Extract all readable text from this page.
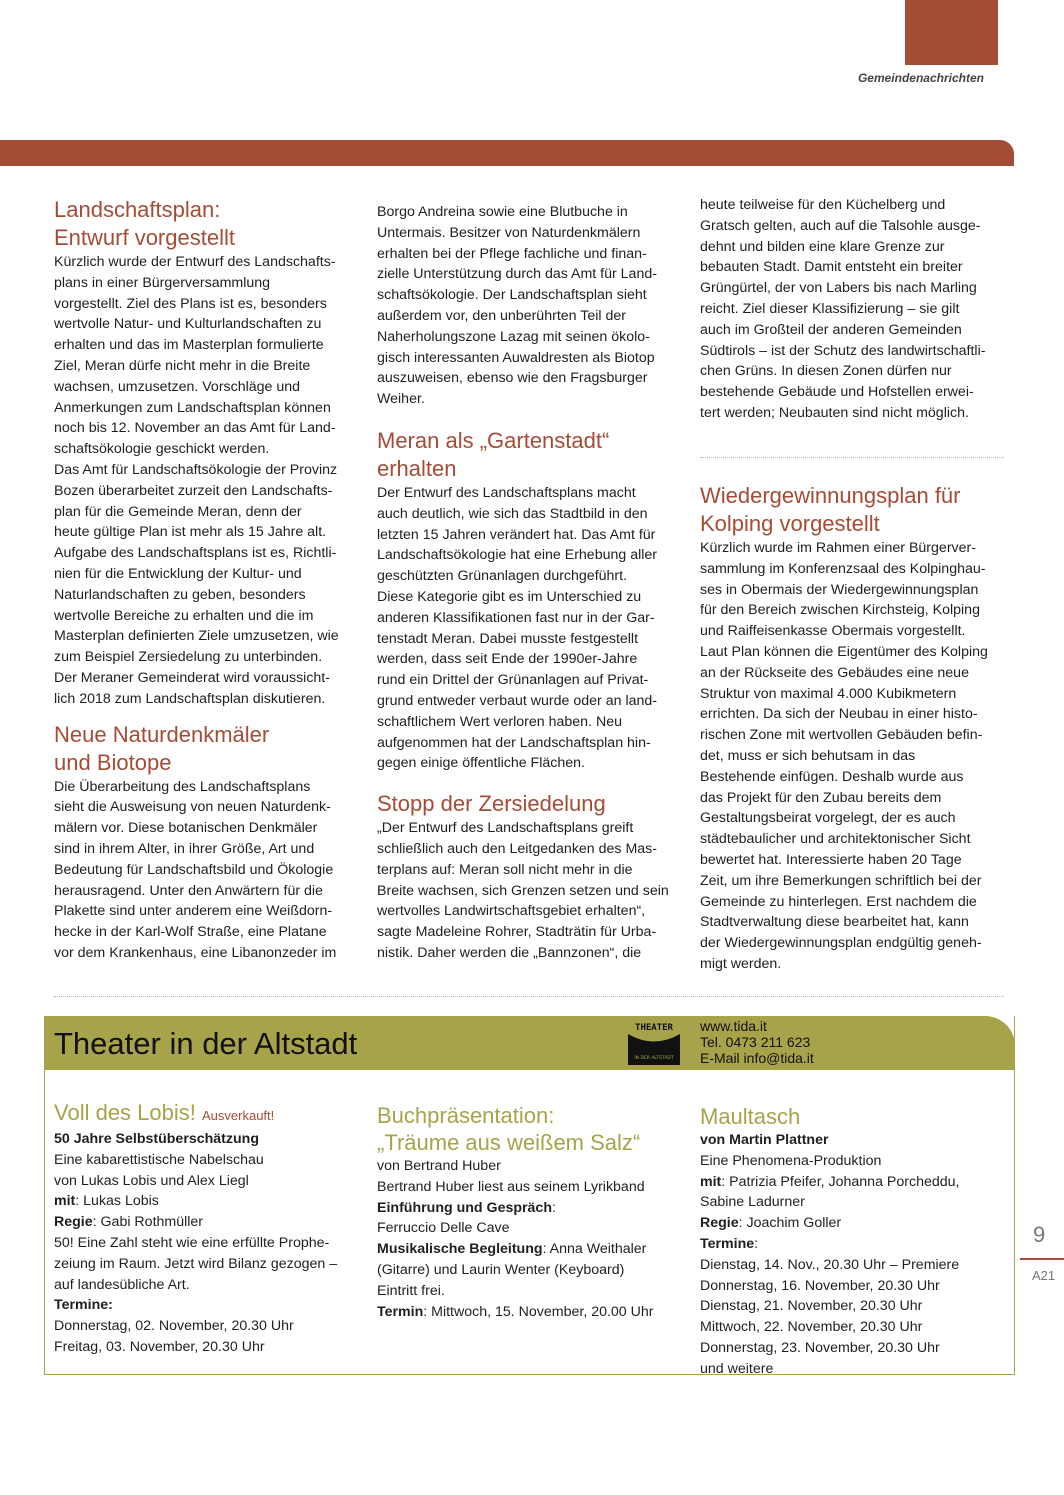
Gemeindenachrichten
Landschaftsplan:
Entwurf vorgestellt
Kürzlich wurde der Entwurf des Landschafts-
plans in einer Bürgerversammlung
vorgestellt. Ziel des Plans ist es, besonders
wertvolle Natur- und Kulturlandschaften zu
erhalten und das im Masterplan formulierte
Ziel, Meran dürfe nicht mehr in die Breite
wachsen, umzusetzen. Vorschläge und
Anmerkungen zum Landschaftsplan können
noch bis 12. November an das Amt für Land-
schaftsökologie geschickt werden.
Das Amt für Landschaftsökologie der Provinz
Bozen überarbeitet zurzeit den Landschafts-
plan für die Gemeinde Meran, denn der
heute gültige Plan ist mehr als 15 Jahre alt.
Aufgabe des Landschaftsplans ist es, Richtli-
nien für die Entwicklung der Kultur- und
Naturlandschaften zu geben, besonders
wertvolle Bereiche zu erhalten und die im
Masterplan definierten Ziele umzusetzen, wie
zum Beispiel Zersiedelung zu unterbinden.
Der Meraner Gemeinderat wird voraussicht-
lich 2018 zum Landschaftsplan diskutieren.
Neue Naturdenkmäler
und Biotope
Die Überarbeitung des Landschaftsplans
sieht die Ausweisung von neuen Naturdenk-
mälern vor. Diese botanischen Denkmäler
sind in ihrem Alter, in ihrer Größe, Art und
Bedeutung für Landschaftsbild und Ökologie
herausragend. Unter den Anwärtern für die
Plakette sind unter anderem eine Weißdorn-
hecke in der Karl-Wolf Straße, eine Platane
vor dem Krankenhaus, eine Libanonzeder im
Borgo Andreina sowie eine Blutbuche in
Untermais. Besitzer von Naturdenkmälern
erhalten bei der Pflege fachliche und finan-
zielle Unterstützung durch das Amt für Land-
schaftsökologie. Der Landschaftsplan sieht
außerdem vor, den unberührten Teil der
Naherholungszone Lazag mit seinen ökolo-
gisch interessanten Auwaldresten als Biotop
auszuweisen, ebenso wie den Fragsburger
Weiher.
Meran als „Gartenstadt“
erhalten
Der Entwurf des Landschaftsplans macht
auch deutlich, wie sich das Stadtbild in den
letzten 15 Jahren verändert hat. Das Amt für
Landschaftsökologie hat eine Erhebung aller
geschützten Grünanlagen durchgeführt.
Diese Kategorie gibt es im Unterschied zu
anderen Klassifikationen fast nur in der Gar-
tenstadt Meran. Dabei musste festgestellt
werden, dass seit Ende der 1990er-Jahre
rund ein Drittel der Grünanlagen auf Privat-
grund entweder verbaut wurde oder an land-
schaftlichem Wert verloren haben. Neu
aufgenommen hat der Landschaftsplan hin-
gegen einige öffentliche Flächen.
Stopp der Zersiedelung
„Der Entwurf des Landschaftsplans greift
schließlich auch den Leitgedanken des Mas-
terplans auf: Meran soll nicht mehr in die
Breite wachsen, sich Grenzen setzen und sein
wertvolles Landwirtschaftsgebiet erhalten“,
sagte Madeleine Rohrer, Stadträtin für Urba-
nistik. Daher werden die „Bannzonen“, die
heute teilweise für den Küchelberg und
Gratsch gelten, auch auf die Talsohle ausge-
dehnt und bilden eine klare Grenze zur
bebauten Stadt. Damit entsteht ein breiter
Grüngürtel, der von Labers bis nach Marling
reicht. Ziel dieser Klassifizierung – sie gilt
auch im Großteil der anderen Gemeinden
Südtirols – ist der Schutz des landwirtschaftli-
chen Grüns. In diesen Zonen dürfen nur
bestehende Gebäude und Hofstellen erwei-
tert werden; Neubauten sind nicht möglich.
Wiedergewinnungsplan für
Kolping vorgestellt
Kürzlich wurde im Rahmen einer Bürgerver-
sammlung im Konferenzsaal des Kolpinghau-
ses in Obermais der Wiedergewinnungsplan
für den Bereich zwischen Kirchsteig, Kolping
und Raiffeisenkasse Obermais vorgestellt.
Laut Plan können die Eigentümer des Kolping
an der Rückseite des Gebäudes eine neue
Struktur von maximal 4.000 Kubikmetern
errichten. Da sich der Neubau in einer histo-
rischen Zone mit wertvollen Gebäuden befin-
det, muss er sich behutsam in das
Bestehende einfügen. Deshalb wurde aus
das Projekt für den Zubau bereits dem
Gestaltungsbeirat vorgelegt, der es auch
städtebaulicher und architektonischer Sicht
bewertet hat. Interessierte haben 20 Tage
Zeit, um ihre Bemerkungen schriftlich bei der
Gemeinde zu hinterlegen. Erst nachdem die
Stadtverwaltung diese bearbeitet hat, kann
der Wiedergewinnungsplan endgültig geneh-
migt werden.
Theater in der Altstadt	THEATER
IN DER ALTSTADT
www.tida.it
Tel. 0473 211 623
E-Mail info@tida.it
Voll des Lobis! Ausverkauft!
50 Jahre Selbstüberschätzung
Eine kabarettistische Nabelschau
von Lukas Lobis und Alex Liegl
mit: Lukas Lobis
Regie: Gabi Rothmüller
50! Eine Zahl steht wie eine erfüllte Prophe-
zeiung im Raum. Jetzt wird Bilanz gezogen –
auf landesübliche Art.
Termine:
Donnerstag, 02. November, 20.30 Uhr
Freitag, 03. November, 20.30 Uhr
Buchpräsentation:
„Träume aus weißem Salz“
von Bertrand Huber
Bertrand Huber liest aus seinem Lyrikband
Einführung und Gespräch:
Ferruccio Delle Cave
Musikalische Begleitung: Anna Weithaler
(Gitarre) und Laurin Wenter (Keyboard)
Eintritt frei.
Termin: Mittwoch, 15. November, 20.00 Uhr
Maultasch
von Martin Plattner
Eine Phenomena-Produktion
mit: Patrizia Pfeifer, Johanna Porcheddu,
Sabine Ladurner
Regie: Joachim Goller
Termine:
Dienstag, 14. Nov., 20.30 Uhr – Premiere
Donnerstag, 16. November, 20.30 Uhr
Dienstag, 21. November, 20.30 Uhr
Mittwoch, 22. November, 20.30 Uhr
Donnerstag, 23. November, 20.30 Uhr
und weitere
9
A21
